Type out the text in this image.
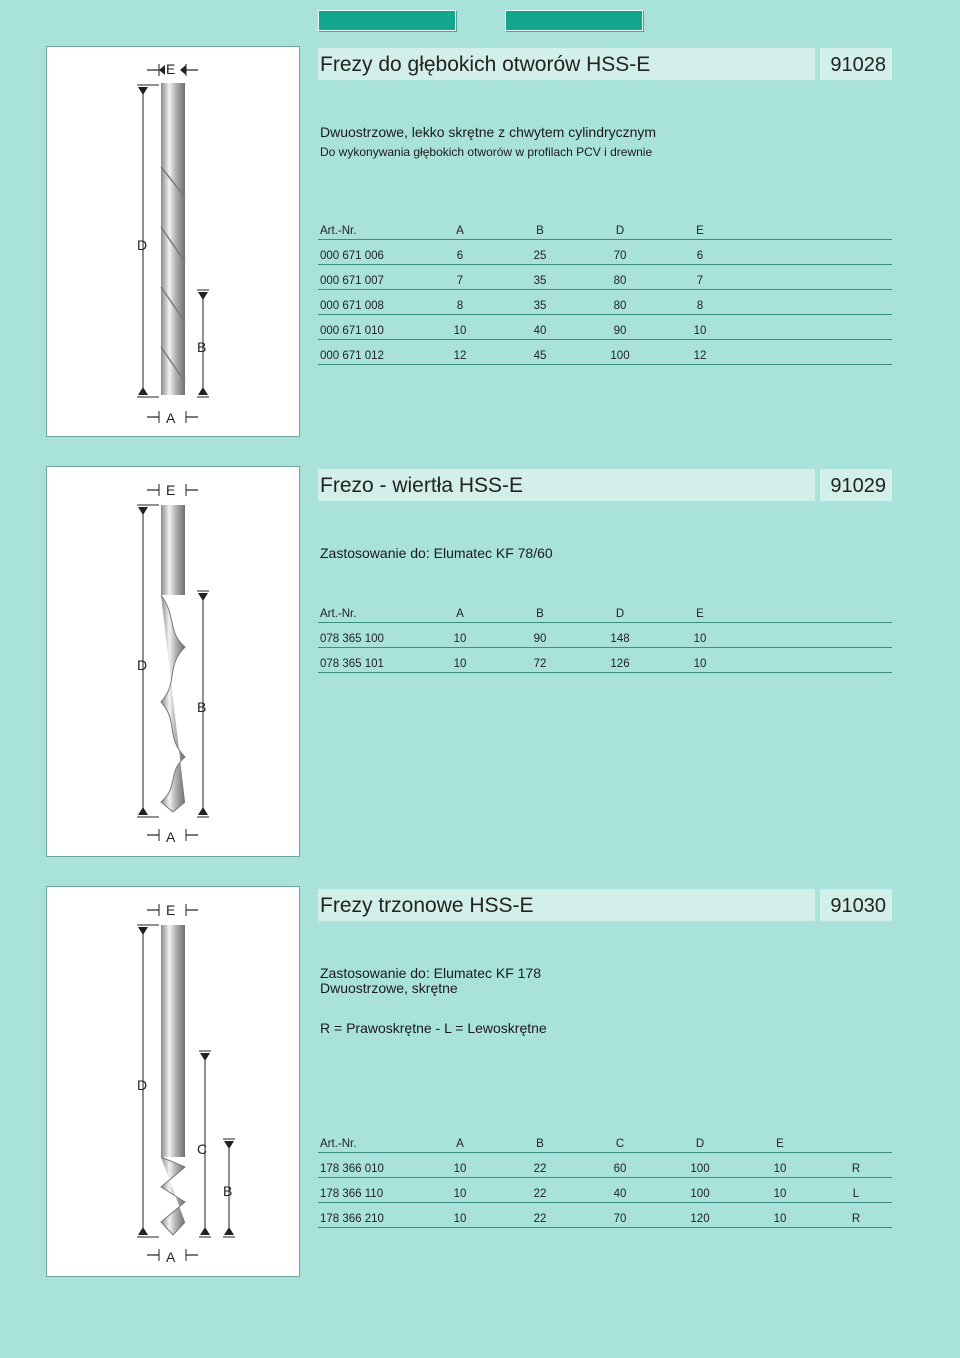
E
D
B
A
Frezy do głębokich otworów HSS-E	91028
Dwuostrzowe, lekko skrętne z chwytem cylindrycznym
Do wykonywania głębokich otworów w profilach PCV i drewnie
Art.-Nr.	A	B	D	E	
000 671 006	6	25	70	6	
000 671 007	7	35	80	7	
000 671 008	8	35	80	8	
000 671 010	10	40	90	10	
000 671 012	12	45	100	12	
E
D
B
A
Frezo - wiertła HSS-E	91029
Zastosowanie do: Elumatec KF 78/60
Art.-Nr.	A	B	D	E	
078 365 100	10	90	148	10	
078 365 101	10	72	126	10	
E
D
C
B
A
Frezy trzonowe HSS-E	91030
Zastosowanie do: Elumatec KF 178
Dwuostrzowe, skrętne
R = Prawoskrętne - L = Lewoskrętne
Art.-Nr.	A	B	C	D	E	
178 366 010	10	22	60	100	10	R
178 366 110	10	22	40	100	10	L
178 366 210	10	22	70	120	10	R
